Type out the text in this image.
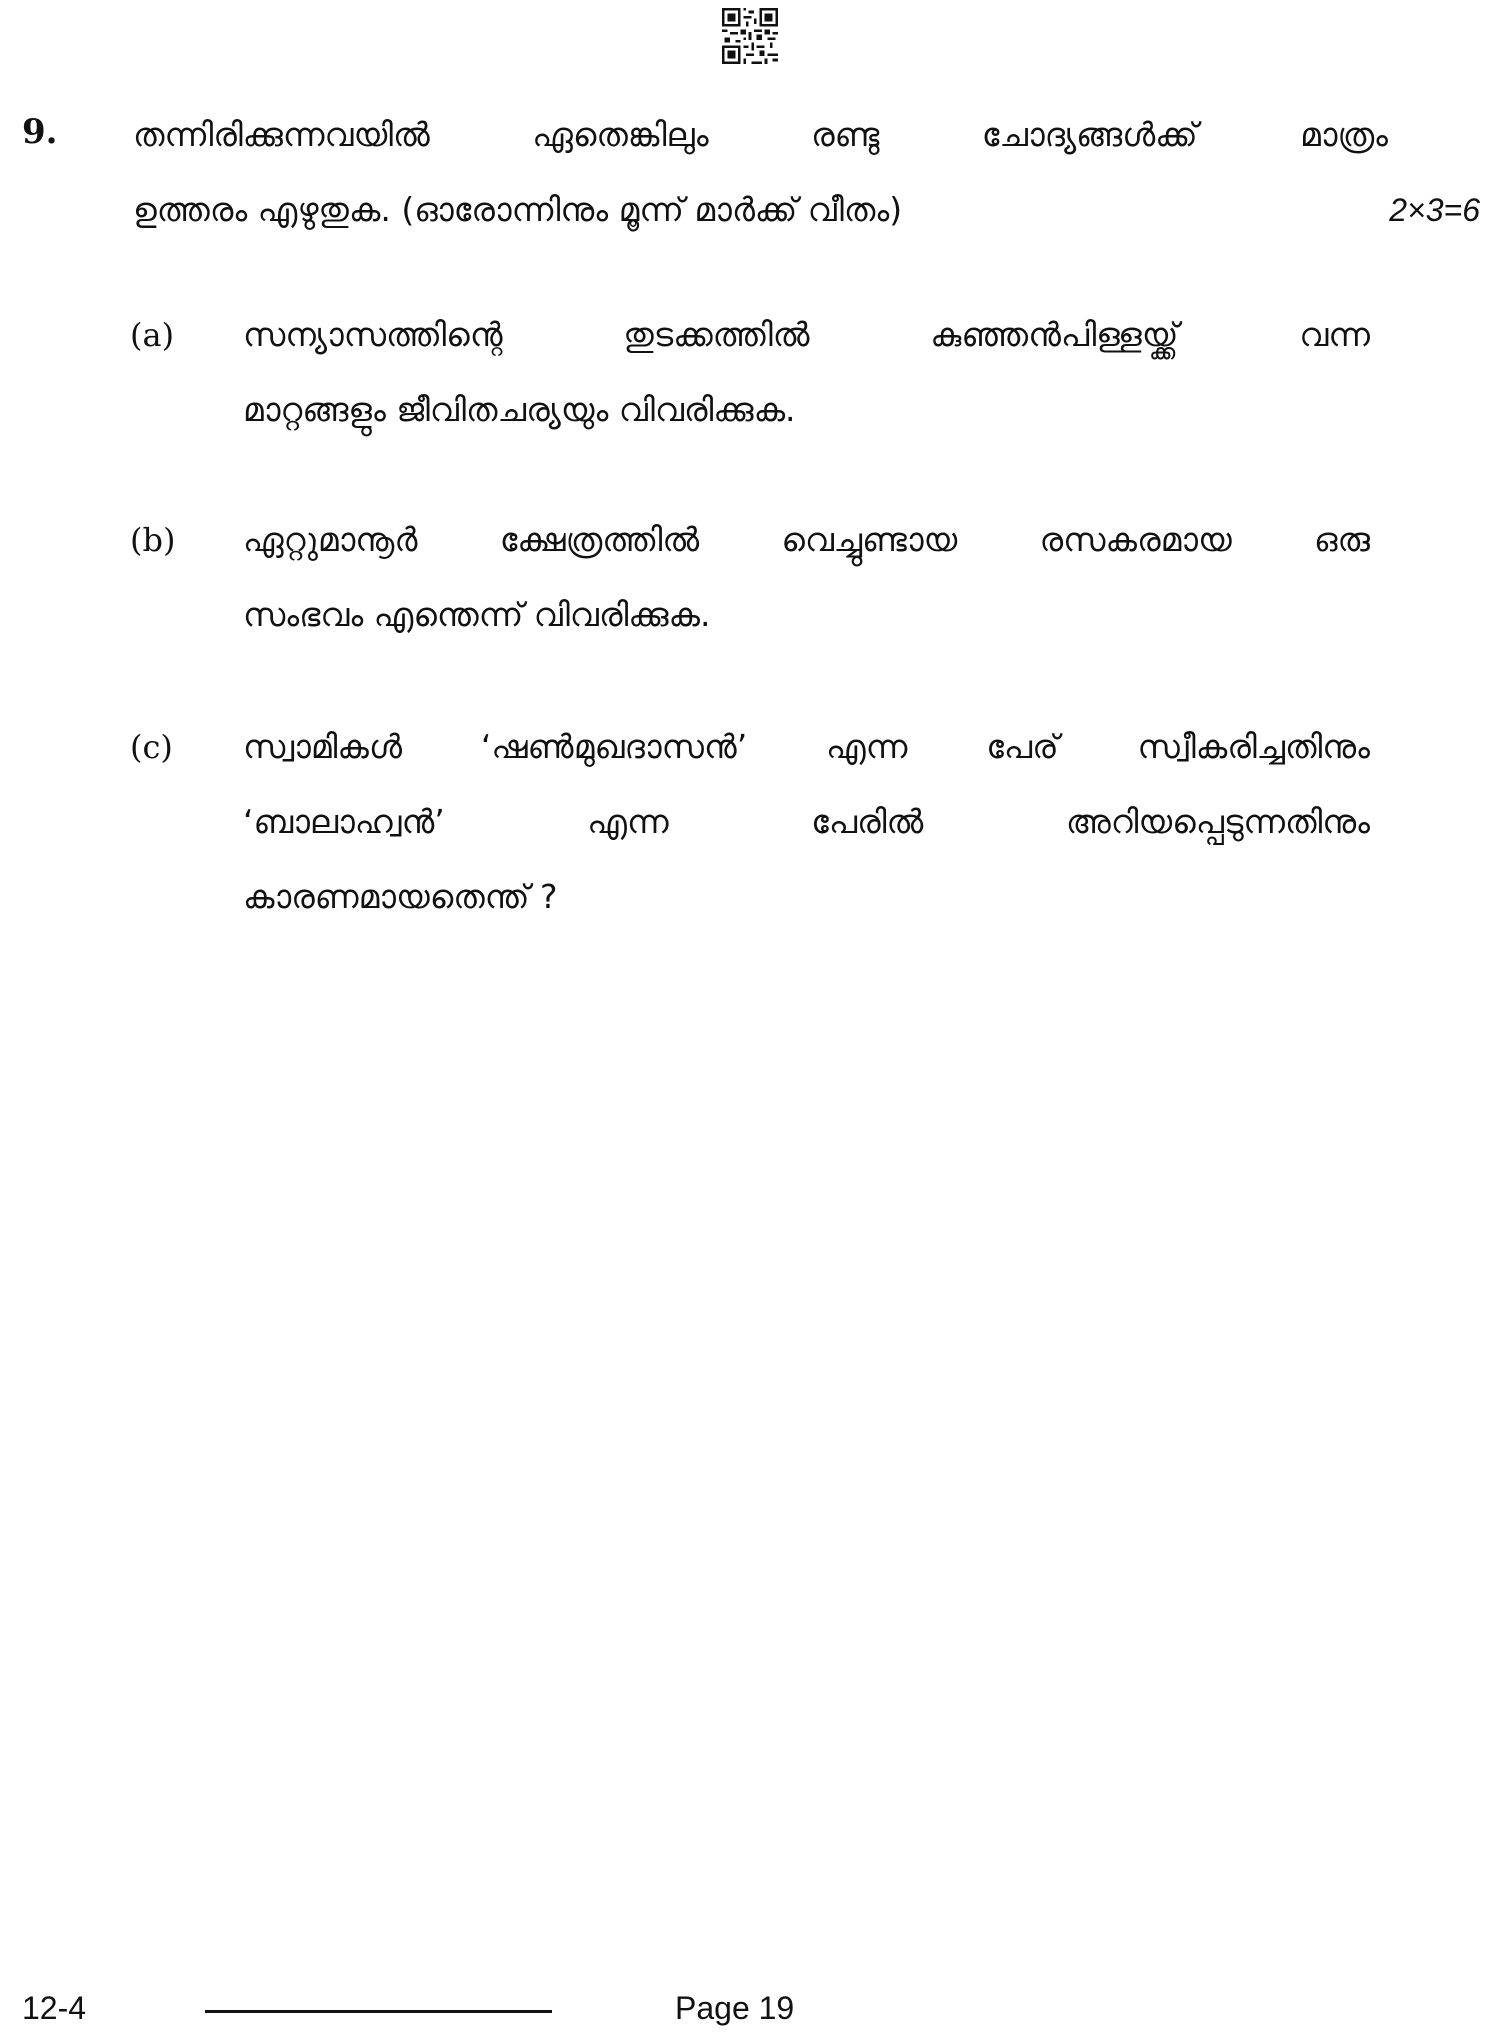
9. തന്നിരിക്കുന്നവയിൽ ഏതെങ്കിലും രണ്ടു ചോദ്യങ്ങൾക്ക് മാത്രം
ഉത്തരം എഴുതുക. (ഓരോന്നിനും മൂന്ന് മാർക്ക് വീതം)	2×3=6
(a) സന്യാസത്തിന്റെ തുടക്കത്തിൽ കുഞ്ഞൻപിള്ളയ്ക്ക് വന്ന
മാറ്റങ്ങളും ജീവിതചര്യയും വിവരിക്കുക.
(b) ഏറ്റുമാനൂർ ക്ഷേത്രത്തിൽ വെച്ചുണ്ടായ രസകരമായ ഒരു
സംഭവം എന്തെന്ന് വിവരിക്കുക.
(c) സ്വാമികൾ ‘ഷൺമുഖദാസൻ’ എന്ന പേര് സ്വീകരിച്ചതിനും
‘ബാലാഹ്വൻ’ എന്ന പേരിൽ അറിയപ്പെടുന്നതിനും
കാരണമായതെന്ത് ?
12-4	Page 19
